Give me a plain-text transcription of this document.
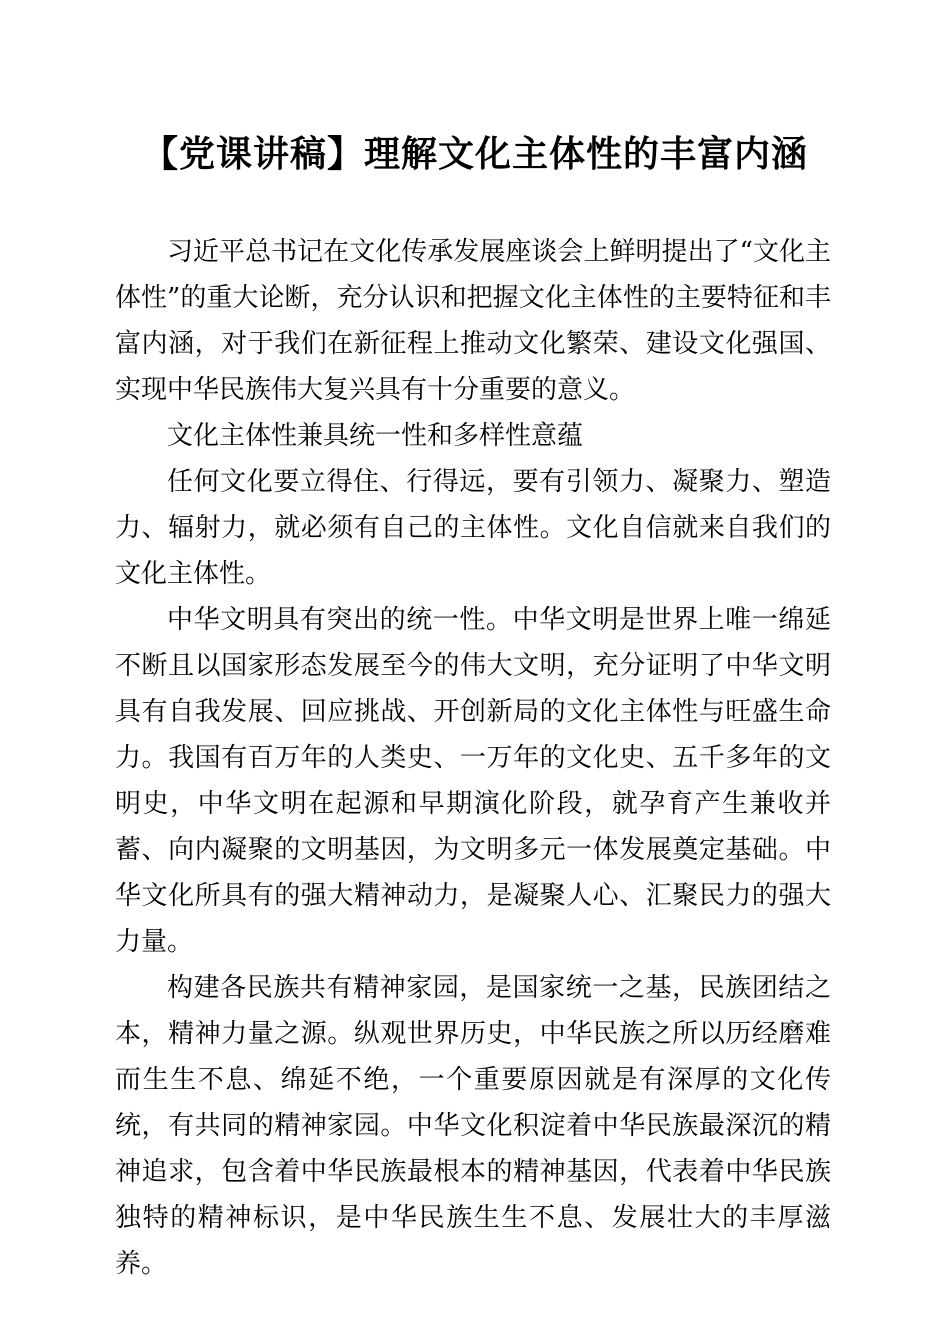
【党课讲稿】理解文化主体性的丰富内涵

习近平总书记在文化传承发展座谈会上鲜明提出了“文化主体性”的重大论断，充分认识和把握文化主体性的主要特征和丰富内涵，对于我们在新征程上推动文化繁荣、建设文化强国、实现中华民族伟大复兴具有十分重要的意义。

文化主体性兼具统一性和多样性意蕴

任何文化要立得住、行得远，要有引领力、凝聚力、塑造力、辐射力，就必须有自己的主体性。文化自信就来自我们的文化主体性。

中华文明具有突出的统一性。中华文明是世界上唯一绵延不断且以国家形态发展至今的伟大文明，充分证明了中华文明具有自我发展、回应挑战、开创新局的文化主体性与旺盛生命力。我国有百万年的人类史、一万年的文化史、五千多年的文明史，中华文明在起源和早期演化阶段，就孕育产生兼收并蓄、向内凝聚的文明基因，为文明多元一体发展奠定基础。中华文化所具有的强大精神动力，是凝聚人心、汇聚民力的强大力量。

构建各民族共有精神家园，是国家统一之基，民族团结之本，精神力量之源。纵观世界历史，中华民族之所以历经磨难而生生不息、绵延不绝，一个重要原因就是有深厚的文化传统，有共同的精神家园。中华文化积淀着中华民族最深沉的精神追求，包含着中华民族最根本的精神基因，代表着中华民族独特的精神标识，是中华民族生生不息、发展壮大的丰厚滋养。
